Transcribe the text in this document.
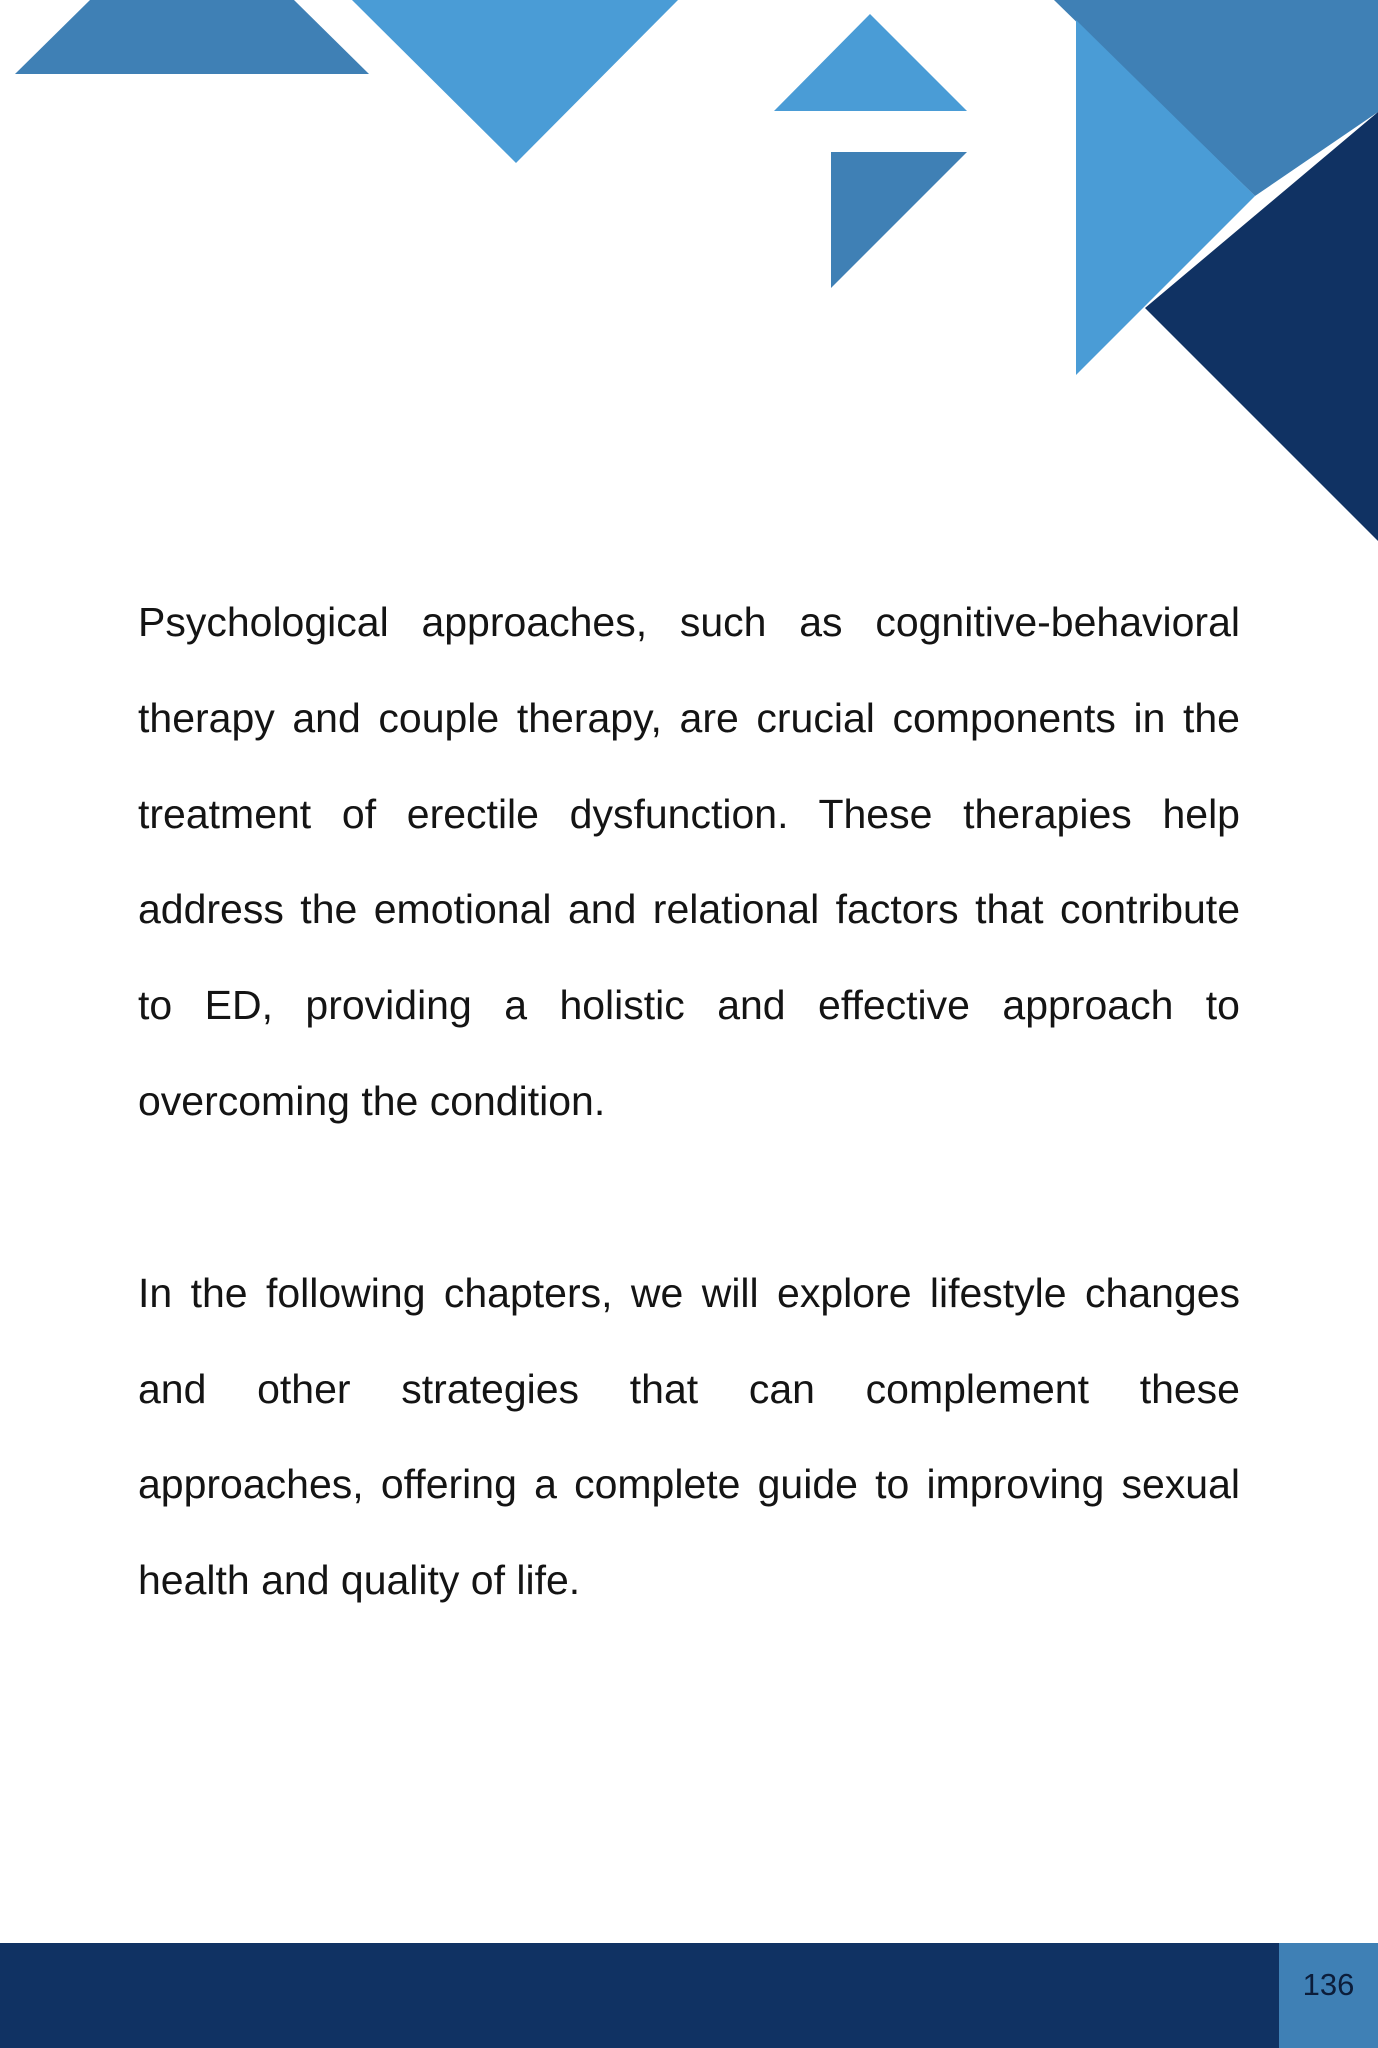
Psychological approaches, such as cognitive-behavioral therapy and couple therapy, are crucial components in the treatment of erectile dysfunction. These therapies help address the emotional and relational factors that contribute to ED, providing a holistic and effective approach to overcoming the condition.

In the following chapters, we will explore lifestyle changes and other strategies that can complement these approaches, offering a complete guide to improving sexual health and quality of life.

136
